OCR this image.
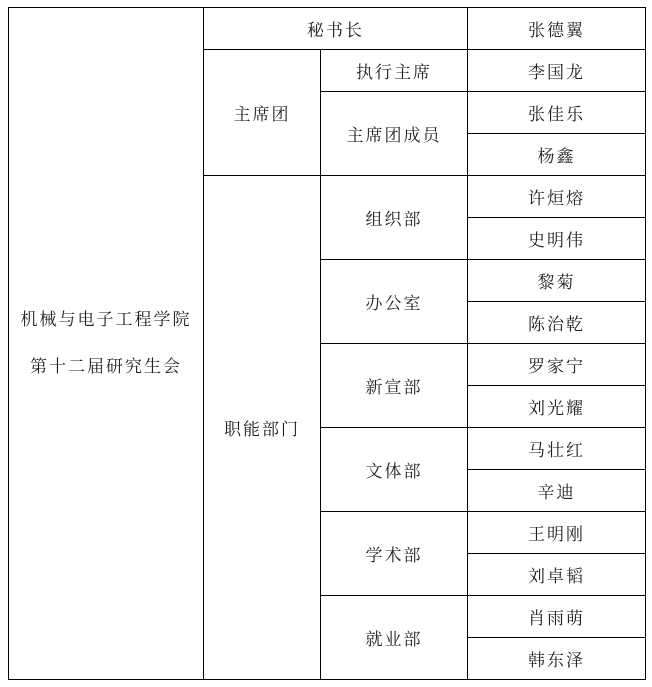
机械与电子工程学院
第十二届研究生会	秘书长		张德翼
	主席团	执行主席	李国龙
		主席团成员	张佳乐
			杨鑫
	职能部门	组织部	许烜熔
			史明伟
		办公室	黎菊
			陈治乾
		新宣部	罗家宁
			刘光耀
		文体部	马壮红
			辛迪
		学术部	王明刚
			刘卓韬
		就业部	肖雨萌
			韩东泽
